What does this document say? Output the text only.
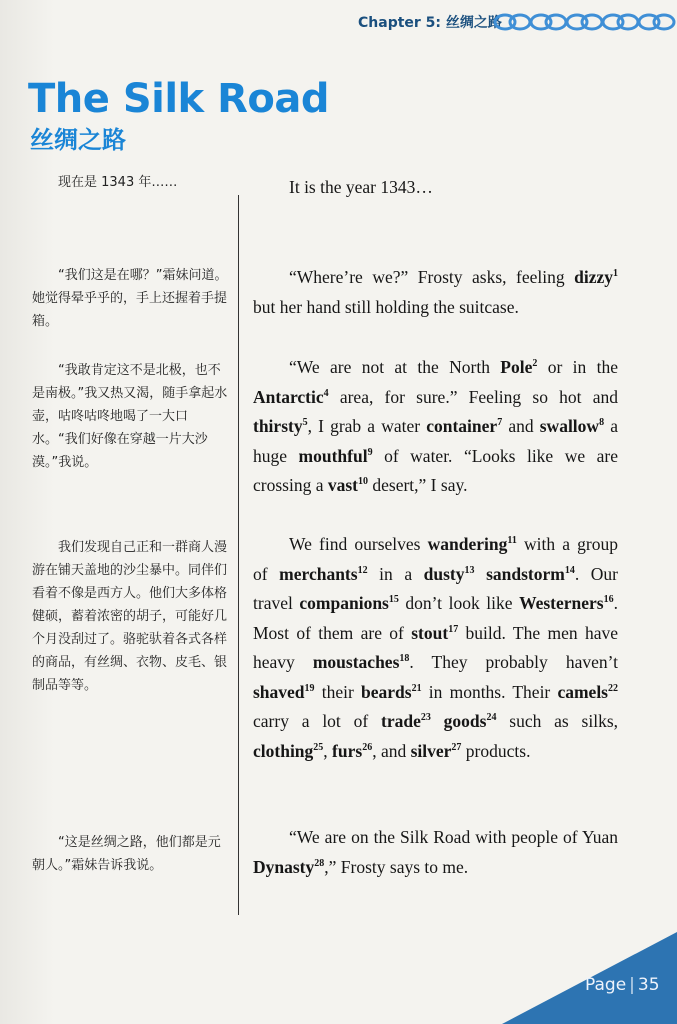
Chapter 5: 丝绸之路
The Silk Road
丝绸之路

现在是 1343 年……

“我们这是在哪？”霜妹问道。她觉得晕乎乎的，手上还握着手提箱。

“我敢肯定这不是北极，也不是南极。”我又热又渴，随手拿起水壶，咕咚咕咚地喝了一大口水。“我们好像在穿越一片大沙漠。”我说。

我们发现自己正和一群商人漫游在铺天盖地的沙尘暴中。同伴们看着不像是西方人。他们大多体格健硕，蓄着浓密的胡子，可能好几个月没刮过了。骆驼驮着各式各样的商品，有丝绸、衣物、皮毛、银制品等等。

“这是丝绸之路，他们都是元朝人。”霜妹告诉我说。

It is the year 1343…

“Where’re we?” Frosty asks, feeling dizzy$^1$ but her hand still holding the suitcase.

“We are not at the North Pole$^2$ or in the Antarctic$^4$ area, for sure.” Feeling so hot and thirsty$^5$, I grab a water container$^7$ and swallow$^8$ a huge mouthful$^9$ of water. “Looks like we are crossing a vast$^{10}$ desert,” I say.

We find ourselves wandering$^{11}$ with a group of merchants$^{12}$ in a dusty$^{13}$ sandstorm$^{14}$. Our travel companions$^{15}$ don’t look like Westerners$^{16}$. Most of them are of stout$^{17}$ build. The men have heavy moustaches$^{18}$. They probably haven’t shaved$^{19}$ their beards$^{21}$ in months. Their camels$^{22}$ carry a lot of trade$^{23}$ goods$^{24}$ such as silks, clothing$^{25}$, furs$^{26}$, and silver$^{27}$ products.

“We are on the Silk Road with people of Yuan Dynasty$^{28}$,” Frosty says to me.

Page | 35
